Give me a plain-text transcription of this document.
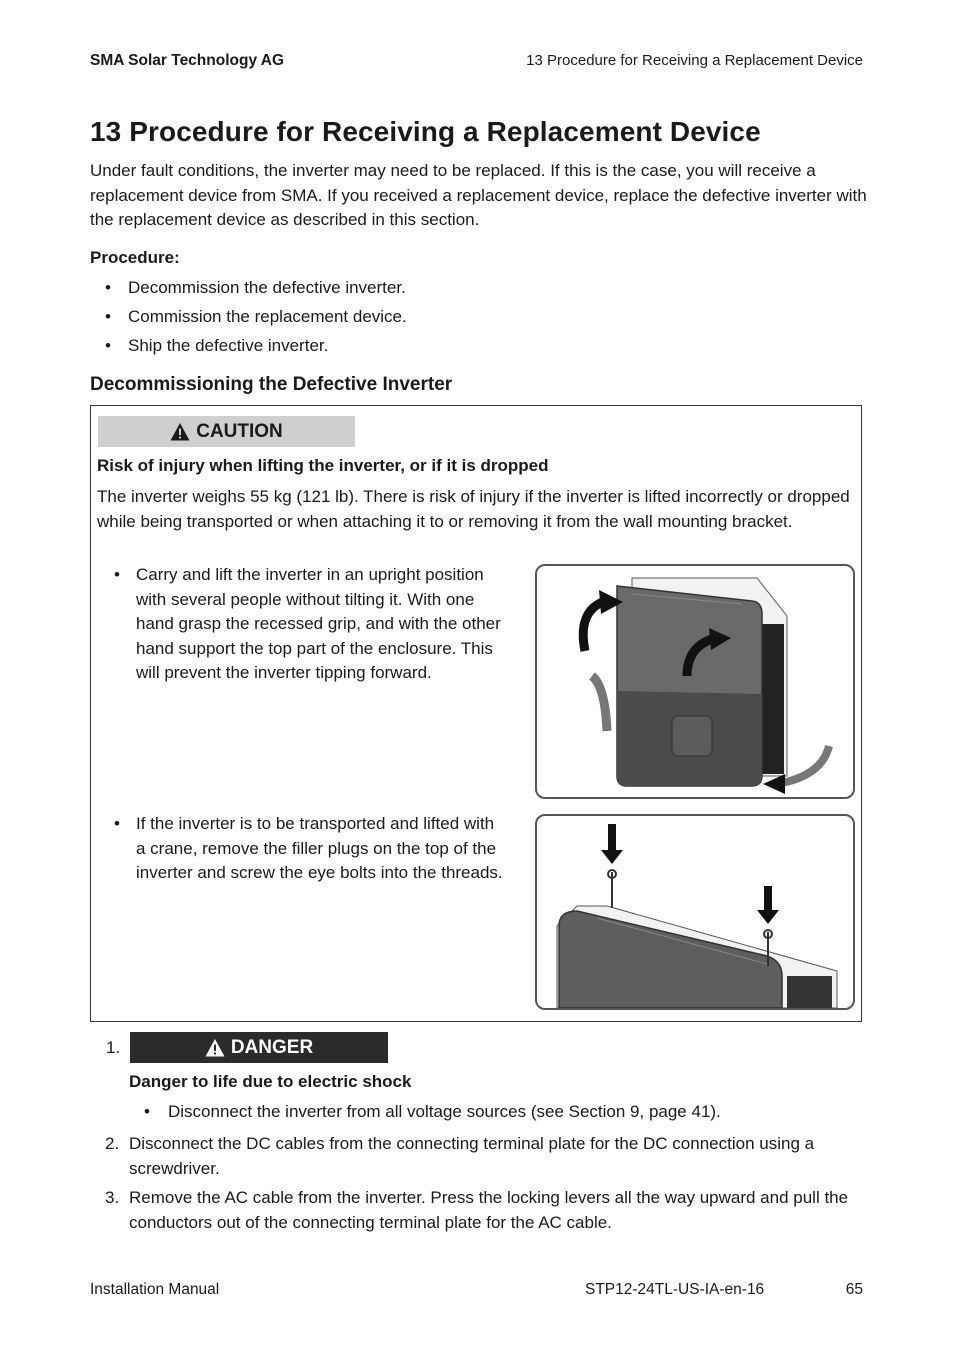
SMA Solar Technology AG	13 Procedure for Receiving a Replacement Device
13 Procedure for Receiving a Replacement Device
Under fault conditions, the inverter may need to be replaced. If this is the case, you will receive a replacement device from SMA. If you received a replacement device, replace the defective inverter with the replacement device as described in this section.
Procedure:
• Decommission the defective inverter.
• Commission the replacement device.
• Ship the defective inverter.
Decommissioning the Defective Inverter
CAUTION
Risk of injury when lifting the inverter, or if it is dropped
The inverter weighs 55 kg (121 lb). There is risk of injury if the inverter is lifted incorrectly or dropped while being transported or when attaching it to or removing it from the wall mounting bracket.
• Carry and lift the inverter in an upright position with several people without tilting it. With one hand grasp the recessed grip, and with the other hand support the top part of the enclosure. This will prevent the inverter tipping forward.
• If the inverter is to be transported and lifted with a crane, remove the filler plugs on the top of the inverter and screw the eye bolts into the threads.
1.	DANGER
Danger to life due to electric shock
• Disconnect the inverter from all voltage sources (see Section 9, page 41).
2. Disconnect the DC cables from the connecting terminal plate for the DC connection using a screwdriver.
3. Remove the AC cable from the inverter. Press the locking levers all the way upward and pull the conductors out of the connecting terminal plate for the AC cable.
Installation Manual	STP12-24TL-US-IA-en-16	65
